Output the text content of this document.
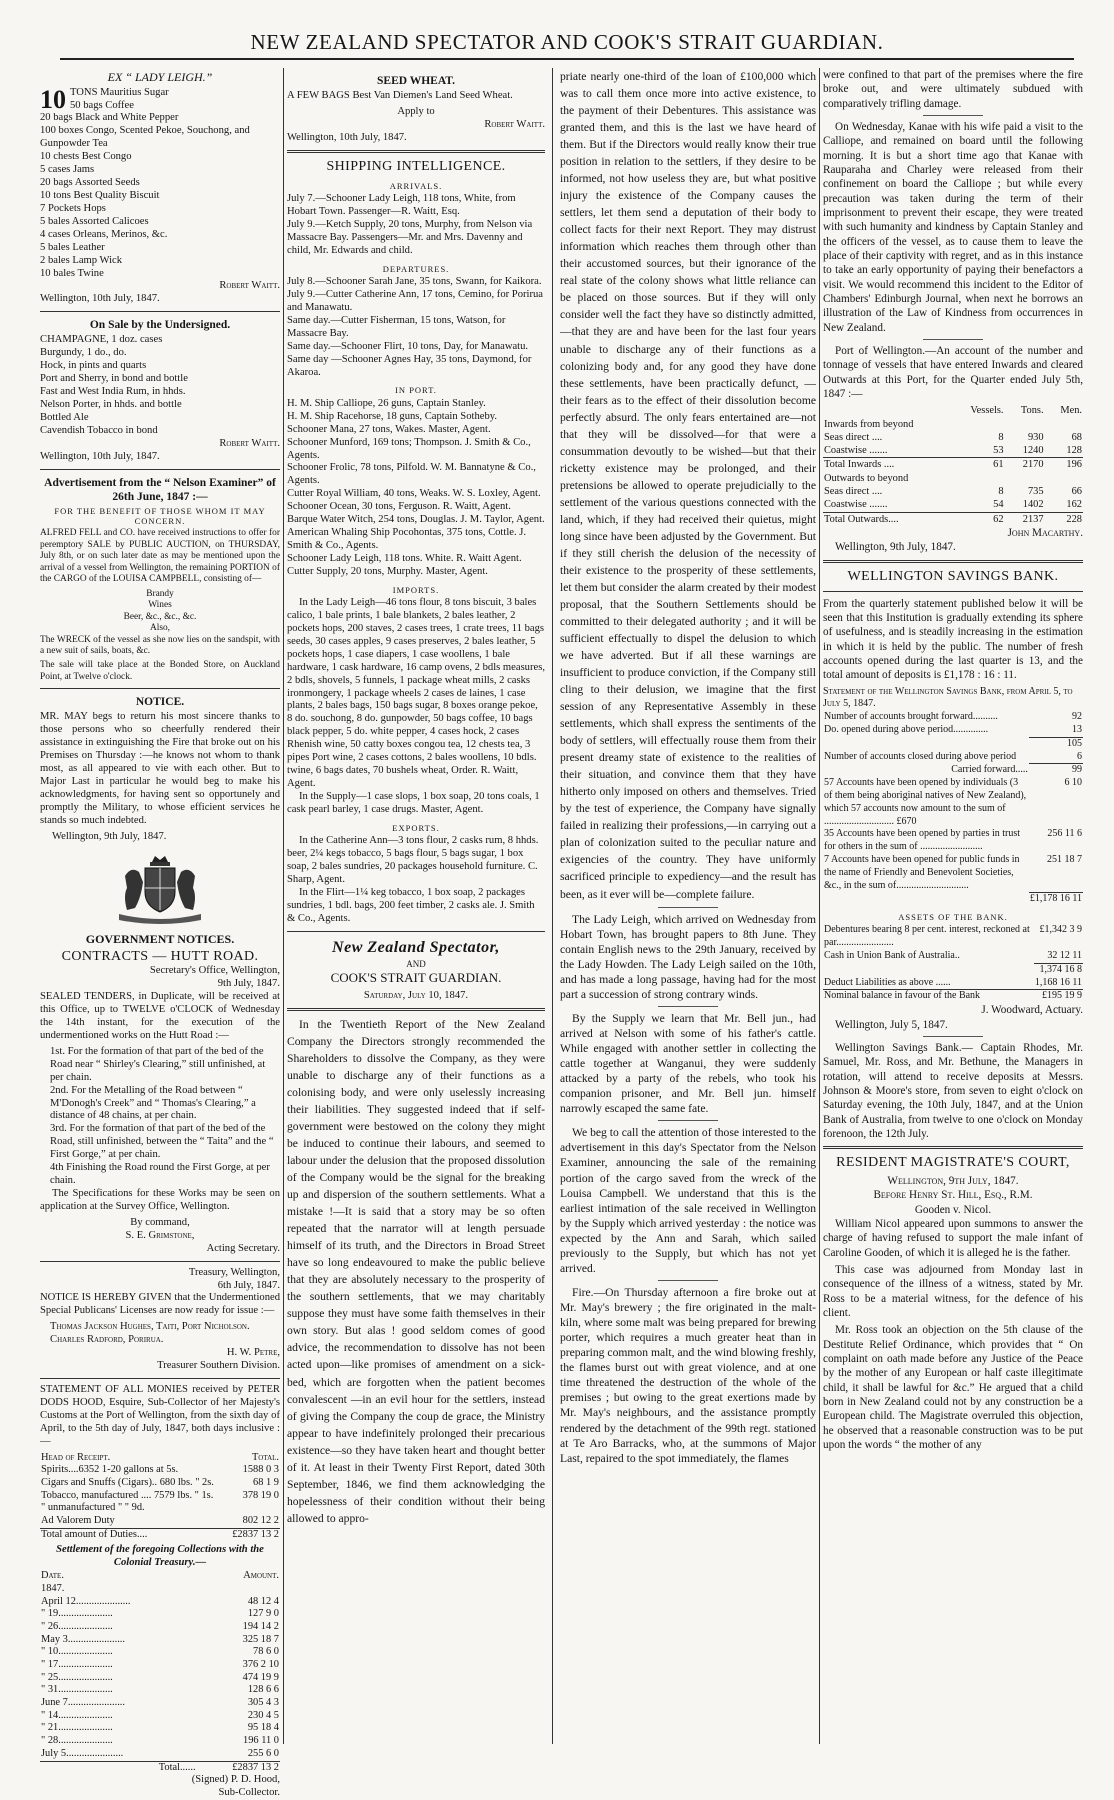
NEW ZEALAND SPECTATOR AND COOK'S STRAIT GUARDIAN.
EX “ LADY LEIGH.”
10 TONS Mauritius Sugar
50 bags Coffee
20 bags Black and White Pepper
100 boxes Congo, Scented Pekoe, Souchong, and Gunpowder Tea
10 chests Best Congo
5 cases Jams
20 bags Assorted Seeds
10 tons Best Quality Biscuit
7 Pockets Hops
5 bales Assorted Calicoes
4 cases Orleans, Merinos, &c.
5 bales Leather
2 bales Lamp Wick
10 bales Twine
Robert Waitt.
Wellington, 10th July, 1847.
On Sale by the Undersigned.
CHAMPAGNE, 1 doz. cases
Burgundy, 1 do., do.
Hock, in pints and quarts
Port and Sherry, in bond and bottle
Fast and West India Rum, in hhds.
Nelson Porter, in hhds. and bottle
Bottled Ale
Cavendish Tobacco in bond
Robert Waitt.
Wellington, 10th July, 1847.
Advertisement from the “ Nelson Examiner” of 26th June, 1847 :—
FOR THE BENEFIT OF THOSE WHOM IT MAY CONCERN.

ALFRED FELL and CO. have received instructions to offer for peremptory SALE by PUBLIC AUCTION, on THURSDAY, July 8th, or on such later date as may be mentioned upon the arrival of a vessel from Wellington, the remaining PORTION of the CARGO of the LOUISA CAMPBELL, consisting of—

Brandy
Wines
Beer, &c., &c., &c.
Also,

The WRECK of the vessel as she now lies on the sandspit, with a new suit of sails, boats, &c.

The sale will take place at the Bonded Store, on Auckland Point, at Twelve o'clock.

NOTICE.

MR. MAY begs to return his most sincere thanks to those persons who so cheerfully rendered their assistance in extinguishing the Fire that broke out on his Premises on Thursday :—he knows not whom to thank most, as all appeared to vie with each other. But to Major Last in particular he would beg to make his acknowledgments, for having sent so opportunely and promptly the Military, to whose efficient services he stands so much indebted.

Wellington, 9th July, 1847.
GOVERNMENT NOTICES.
CONTRACTS — HUTT ROAD.
Secretary's Office, Wellington,
9th July, 1847.

SEALED TENDERS, in Duplicate, will be received at this Office, up to TWELVE o'CLOCK of Wednesday the 14th instant, for the execution of the undermentioned works on the Hutt Road :—

1st. For the formation of that part of the bed of the Road near “ Shirley's Clearing,” still unfinished, at per chain.
2nd. For the Metalling of the Road between “ M'Donogh's Creek” and “ Thomas's Clearing,” a distance of 48 chains, at per chain.
3rd. For the formation of that part of the bed of the Road, still unfinished, between the “ Taita” and the “ First Gorge,” at per chain.
4th Finishing the Road round the First Gorge, at per chain.

The Specifications for these Works may be seen on application at the Survey Office, Wellington.

By command,
S. E. Grimstone,
Acting Secretary.
Treasury, Wellington,
6th July, 1847.

NOTICE IS HEREBY GIVEN that the Undermentioned Special Publicans' Licenses are now ready for issue :—

Thomas Jackson Hughes, Taiti, Port Nicholson.
Charles Radford, Porirua.
H. W. Petre,
Treasurer Southern Division.

STATEMENT OF ALL MONIES received by PETER DODS HOOD, Esquire, Sub-Collector of her Majesty's Customs at the Port of Wellington, from the sixth day of April, to the 5th day of July, 1847, both days inclusive :—

Head of Receipt.	Total.
Spirits....6352 1-20 gallons at 5s.	1588 0 3
Cigars and Snuffs (Cigars).. 680 lbs. " 2s.	68 1 9
Tobacco, manufactured .... 7579 lbs. " 1s.	378 19 0
" unmanufactured " " 9d.	
Ad Valorem Duty	802 12 2
Total amount of Duties....	£2837 13 2
Settlement of the foregoing Collections with the Colonial Treasury.—
Date.	Amount.
1847.	
April 12.....................	48 12 4
" 19.....................	127 9 0
" 26.....................	194 14 2
May 3......................	325 18 7
" 10.....................	78 6 0
" 17.....................	376 2 10
" 25.....................	474 19 9
" 31.....................	128 6 6
June 7......................	305 4 3
" 14.....................	230 4 5
" 21.....................	95 18 4
" 28.....................	196 11 0
July 5......................	255 6 0
Total......	£2837 13 2
(Signed) P. D. Hood,
Sub-Collector.
SEED WHEAT.

A FEW BAGS Best Van Diemen's Land Seed Wheat.

Apply to
Robert Waitt.
Wellington, 10th July, 1847.
SHIPPING INTELLIGENCE.
ARRIVALS.
July 7.—Schooner Lady Leigh, 118 tons, White, from Hobart Town. Passenger—R. Waitt, Esq.
July 9.—Ketch Supply, 20 tons, Murphy, from Nelson via Massacre Bay. Passengers—Mr. and Mrs. Davenny and child, Mr. Edwards and child.
DEPARTURES.
July 8.—Schooner Sarah Jane, 35 tons, Swann, for Kaikora.
July 9.—Cutter Catherine Ann, 17 tons, Cemino, for Porirua and Manawatu.
Same day.—Cutter Fisherman, 15 tons, Watson, for Massacre Bay.
Same day.—Schooner Flirt, 10 tons, Day, for Manawatu.
Same day —Schooner Agnes Hay, 35 tons, Daymond, for Akaroa.
IN PORT.
H. M. Ship Calliope, 26 guns, Captain Stanley.
H. M. Ship Racehorse, 18 guns, Captain Sotheby.
Schooner Mana, 27 tons, Wakes. Master, Agent.
Schooner Munford, 169 tons; Thompson. J. Smith & Co., Agents.
Schooner Frolic, 78 tons, Pilfold. W. M. Bannatyne & Co., Agents.
Cutter Royal William, 40 tons, Weaks. W. S. Loxley, Agent.
Schooner Ocean, 30 tons, Ferguson. R. Waitt, Agent.
Barque Water Witch, 254 tons, Douglas. J. M. Taylor, Agent.
American Whaling Ship Pocohontas, 375 tons, Cottle. J. Smith & Co., Agents.
Schooner Lady Leigh, 118 tons. White. R. Waitt Agent.
Cutter Supply, 20 tons, Murphy. Master, Agent.
IMPORTS.
In the Lady Leigh—46 tons flour, 8 tons biscuit, 3 bales calico, 1 bale prints, 1 bale blankets, 2 bales leather, 2 pockets hops, 200 staves, 2 cases trees, 1 crate trees, 11 bags seeds, 30 cases apples, 9 cases preserves, 2 bales leather, 5 pockets hops, 1 case diapers, 1 case woollens, 1 bale hardware, 1 cask hardware, 16 camp ovens, 2 bdls measures, 2 bdls, shovels, 5 funnels, 1 package wheat mills, 2 casks ironmongery, 1 package wheels 2 cases de laines, 1 case plants, 2 bales bags, 150 bags sugar, 8 boxes orange pekoe, 8 do. souchong, 8 do. gunpowder, 50 bags coffee, 10 bags black pepper, 5 do. white pepper, 4 cases hock, 2 cases Rhenish wine, 50 catty boxes congou tea, 12 chests tea, 3 pipes Port wine, 2 cases cottons, 2 bales woollens, 10 bdls. twine, 6 bags dates, 70 bushels wheat, Order. R. Waitt, Agent.
In the Supply—1 case slops, 1 box soap, 20 tons coals, 1 cask pearl barley, 1 case drugs. Master, Agent.
EXPORTS.
In the Catherine Ann—3 tons flour, 2 casks rum, 8 hhds. beer, 2¼ kegs tobacco, 5 bags flour, 5 bags sugar, 1 box soap, 2 bales sundries, 20 packages household furniture. C. Sharp, Agent.
In the Flirt—1¼ keg tobacco, 1 box soap, 2 packages sundries, 1 bdl. bags, 200 feet timber, 2 casks ale. J. Smith & Co., Agents.
New Zealand Spectator,
AND
COOK'S STRAIT GUARDIAN.
Saturday, July 10, 1847.

In the Twentieth Report of the New Zealand Company the Directors strongly recommended the Shareholders to dissolve the Company, as they were unable to discharge any of their functions as a colonising body, and were only uselessly increasing their liabilities. They suggested indeed that if self-government were bestowed on the colony they might be induced to continue their labours, and seemed to labour under the delusion that the proposed dissolution of the Company would be the signal for the breaking up and dispersion of the southern settlements. What a mistake !—It is said that a story may be so often repeated that the narrator will at length persuade himself of its truth, and the Directors in Broad Street have so long endeavoured to make the public believe that they are absolutely necessary to the prosperity of the southern settlements, that we may charitably suppose they must have some faith themselves in their own story. But alas ! good seldom comes of good advice, the recommendation to dissolve has not been acted upon—like promises of amendment on a sick-bed, which are forgotten when the patient becomes convalescent —in an evil hour for the settlers, instead of giving the Company the coup de grace, the Ministry appear to have indefinitely prolonged their precarious existence—so they have taken heart and thought better of it. At least in their Twenty First Report, dated 30th September, 1846, we find them acknowledging the hopelessness of their condition without their being allowed to appro-

priate nearly one-third of the loan of £100,000 which was to call them once more into active existence, to the payment of their Debentures. This assistance was granted them, and this is the last we have heard of them. But if the Directors would really know their true position in relation to the settlers, if they desire to be informed, not how useless they are, but what positive injury the existence of the Company causes the settlers, let them send a deputation of their body to collect facts for their next Report. They may distrust information which reaches them through other than their accustomed sources, but their ignorance of the real state of the colony shows what little reliance can be placed on those sources. But if they will only consider well the fact they have so distinctly admitted,—that they are and have been for the last four years unable to discharge any of their functions as a colonizing body and, for any good they have done these settlements, have been practically defunct, — their fears as to the effect of their dissolution become perfectly absurd. The only fears entertained are—not that they will be dissolved—for that were a consummation devoutly to be wished—but that their ricketty existence may be prolonged, and their pretensions be allowed to operate prejudicially to the settlement of the various questions connected with the land, which, if they had received their quietus, might long since have been adjusted by the Government. But if they still cherish the delusion of the necessity of their existence to the prosperity of these settlements, let them but consider the alarm created by their modest proposal, that the Southern Settlements should be committed to their delegated authority ; and it will be sufficient effectually to dispel the delusion to which we have adverted. But if all these warnings are insufficient to produce conviction, if the Company still cling to their delusion, we imagine that the first session of any Representative Assembly in these settlements, which shall express the sentiments of the body of settlers, will effectually rouse them from their present dreamy state of existence to the realities of their situation, and convince them that they have hitherto only imposed on others and themselves. Tried by the test of experience, the Company have signally failed in realizing their professions,—in carrying out a plan of colonization suited to the peculiar nature and exigencies of the country. They have uniformly sacrificed principle to expediency—and the result has been, as it ever will be—complete failure.

The Lady Leigh, which arrived on Wednesday from Hobart Town, has brought papers to 8th June. They contain English news to the 29th January, received by the Lady Howden. The Lady Leigh sailed on the 10th, and has made a long passage, having had for the most part a succession of strong contrary winds.

By the Supply we learn that Mr. Bell jun., had arrived at Nelson with some of his father's cattle. While engaged with another settler in collecting the cattle together at Wanganui, they were suddenly attacked by a party of the rebels, who took his companion prisoner, and Mr. Bell jun. himself narrowly escaped the same fate.

We beg to call the attention of those interested to the advertisement in this day's Spectator from the Nelson Examiner, announcing the sale of the remaining portion of the cargo saved from the wreck of the Louisa Campbell. We understand that this is the earliest intimation of the sale received in Wellington by the Supply which arrived yesterday : the notice was expected by the Ann and Sarah, which sailed previously to the Supply, but which has not yet arrived.

Fire.—On Thursday afternoon a fire broke out at Mr. May's brewery ; the fire originated in the malt-kiln, where some malt was being prepared for brewing porter, which requires a much greater heat than in preparing common malt, and the wind blowing freshly, the flames burst out with great violence, and at one time threatened the destruction of the whole of the premises ; but owing to the great exertions made by Mr. May's neighbours, and the assistance promptly rendered by the detachment of the 99th regt. stationed at Te Aro Barracks, who, at the summons of Major Last, repaired to the spot immediately, the flames

were confined to that part of the premises where the fire broke out, and were ultimately subdued with comparatively trifling damage.

On Wednesday, Kanae with his wife paid a visit to the Calliope, and remained on board until the following morning. It is but a short time ago that Kanae with Rauparaha and Charley were released from their confinement on board the Calliope ; but while every precaution was taken during the term of their imprisonment to prevent their escape, they were treated with such humanity and kindness by Captain Stanley and the officers of the vessel, as to cause them to leave the place of their captivity with regret, and as in this instance to take an early opportunity of paying their benefactors a visit. We would recommend this incident to the Editor of Chambers' Edinburgh Journal, when next he borrows an illustration of the Law of Kindness from occurrences in New Zealand.

Port of Wellington.—An account of the number and tonnage of vessels that have entered Inwards and cleared Outwards at this Port, for the Quarter ended July 5th, 1847 :—

	Vessels.	Tons.	Men.
Inwards from beyond			
Seas direct ....	8	930	68
Coastwise .......	53	1240	128
Total Inwards ....	61	2170	196
Outwards to beyond			
Seas direct ....	8	735	66
Coastwise .......	54	1402	162
Total Outwards....	62	2137	228
John Macarthy.
Wellington, 9th July, 1847.
WELLINGTON SAVINGS BANK.

From the quarterly statement published below it will be seen that this Institution is gradually extending its sphere of usefulness, and is steadily increasing in the estimation in which it is held by the public. The number of fresh accounts opened during the last quarter is 13, and the total amount of deposits is £1,178 : 16 : 11.

Statement of the Wellington Savings Bank, from April 5, to July 5, 1847.
Number of accounts brought forward..........	92
Do. opened during above period..............	13
	105
Number of accounts closed during above period	6
Carried forward.....	99
57 Accounts have been opened by individuals (3 of them being aboriginal natives of New Zealand), which 57 accounts now amount to the sum of ............................ £670	6 10
35 Accounts have been opened by parties in trust for others in the sum of .........................	256 11 6
7 Accounts have been opened for public funds in the name of Friendly and Benevolent Societies, &c., in the sum of.............................	251 18 7
	£1,178 16 11
ASSETS OF THE BANK.
Debentures bearing 8 per cent. interest, reckoned at par.......................	£1,342 3 9
Cash in Union Bank of Australia..	32 12 11
	1,374 16 8
Deduct Liabilities as above ......	1,168 16 11
Nominal balance in favour of the Bank	£195 19 9
J. Woodward, Actuary.
Wellington, July 5, 1847.

Wellington Savings Bank.— Captain Rhodes, Mr. Samuel, Mr. Ross, and Mr. Bethune, the Managers in rotation, will attend to receive deposits at Messrs. Johnson & Moore's store, from seven to eight o'clock on Saturday evening, the 10th July, 1847, and at the Union Bank of Australia, from twelve to one o'clock on Monday forenoon, the 12th July.

RESIDENT MAGISTRATE'S COURT,
Wellington, 9th July, 1847.
Before Henry St. Hill, Esq., R.M.
Gooden v. Nicol.

William Nicol appeared upon summons to answer the charge of having refused to support the male infant of Caroline Gooden, of which it is alleged he is the father.

This case was adjourned from Monday last in consequence of the illness of a witness, stated by Mr. Ross to be a material witness, for the defence of his client.

Mr. Ross took an objection on the 5th clause of the Destitute Relief Ordinance, which provides that “ On complaint on oath made before any Justice of the Peace by the mother of any European or half caste illegitimate child, it shall be lawful for &c.” He argued that a child born in New Zealand could not by any construction be a European child. The Magistrate overruled this objection, he observed that a reasonable construction was to be put upon the words “ the mother of any
